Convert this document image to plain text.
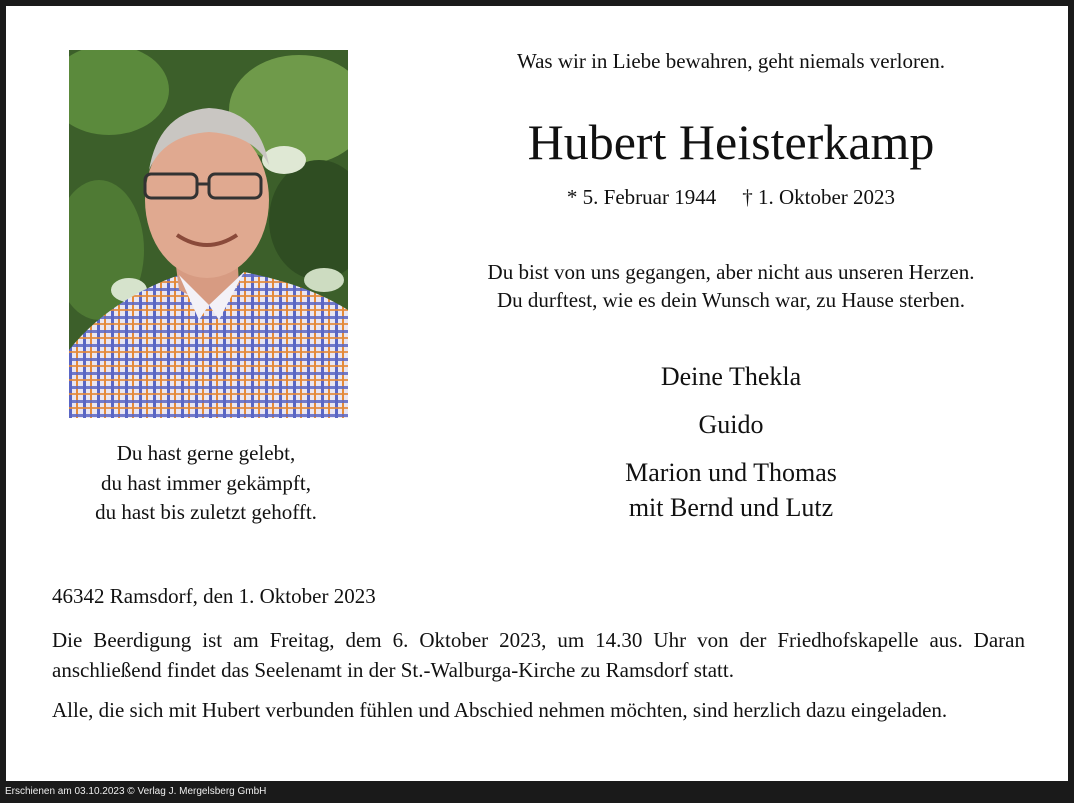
Du hast gerne gelebt,
du hast immer gekämpft,
du hast bis zuletzt gehofft.
Was wir in Liebe bewahren, geht niemals verloren.
Hubert Heisterkamp
* 5. Februar 1944 † 1. Oktober 2023
Du bist von uns gegangen, aber nicht aus unseren Herzen.
Du durftest, wie es dein Wunsch war, zu Hause sterben.
Deine Thekla
Guido
Marion und Thomas
mit Bernd und Lutz
46342 Ramsdorf, den 1. Oktober 2023
Die Beerdigung ist am Freitag, dem 6. Oktober 2023, um 14.30 Uhr von der Friedhofskapelle aus. Daran anschließend findet das Seelenamt in der St.-Walburga-Kirche zu Ramsdorf statt.
Alle, die sich mit Hubert verbunden fühlen und Abschied nehmen möchten, sind herzlich dazu eingeladen.
Erschienen am 03.10.2023 © Verlag J. Mergelsberg GmbH
